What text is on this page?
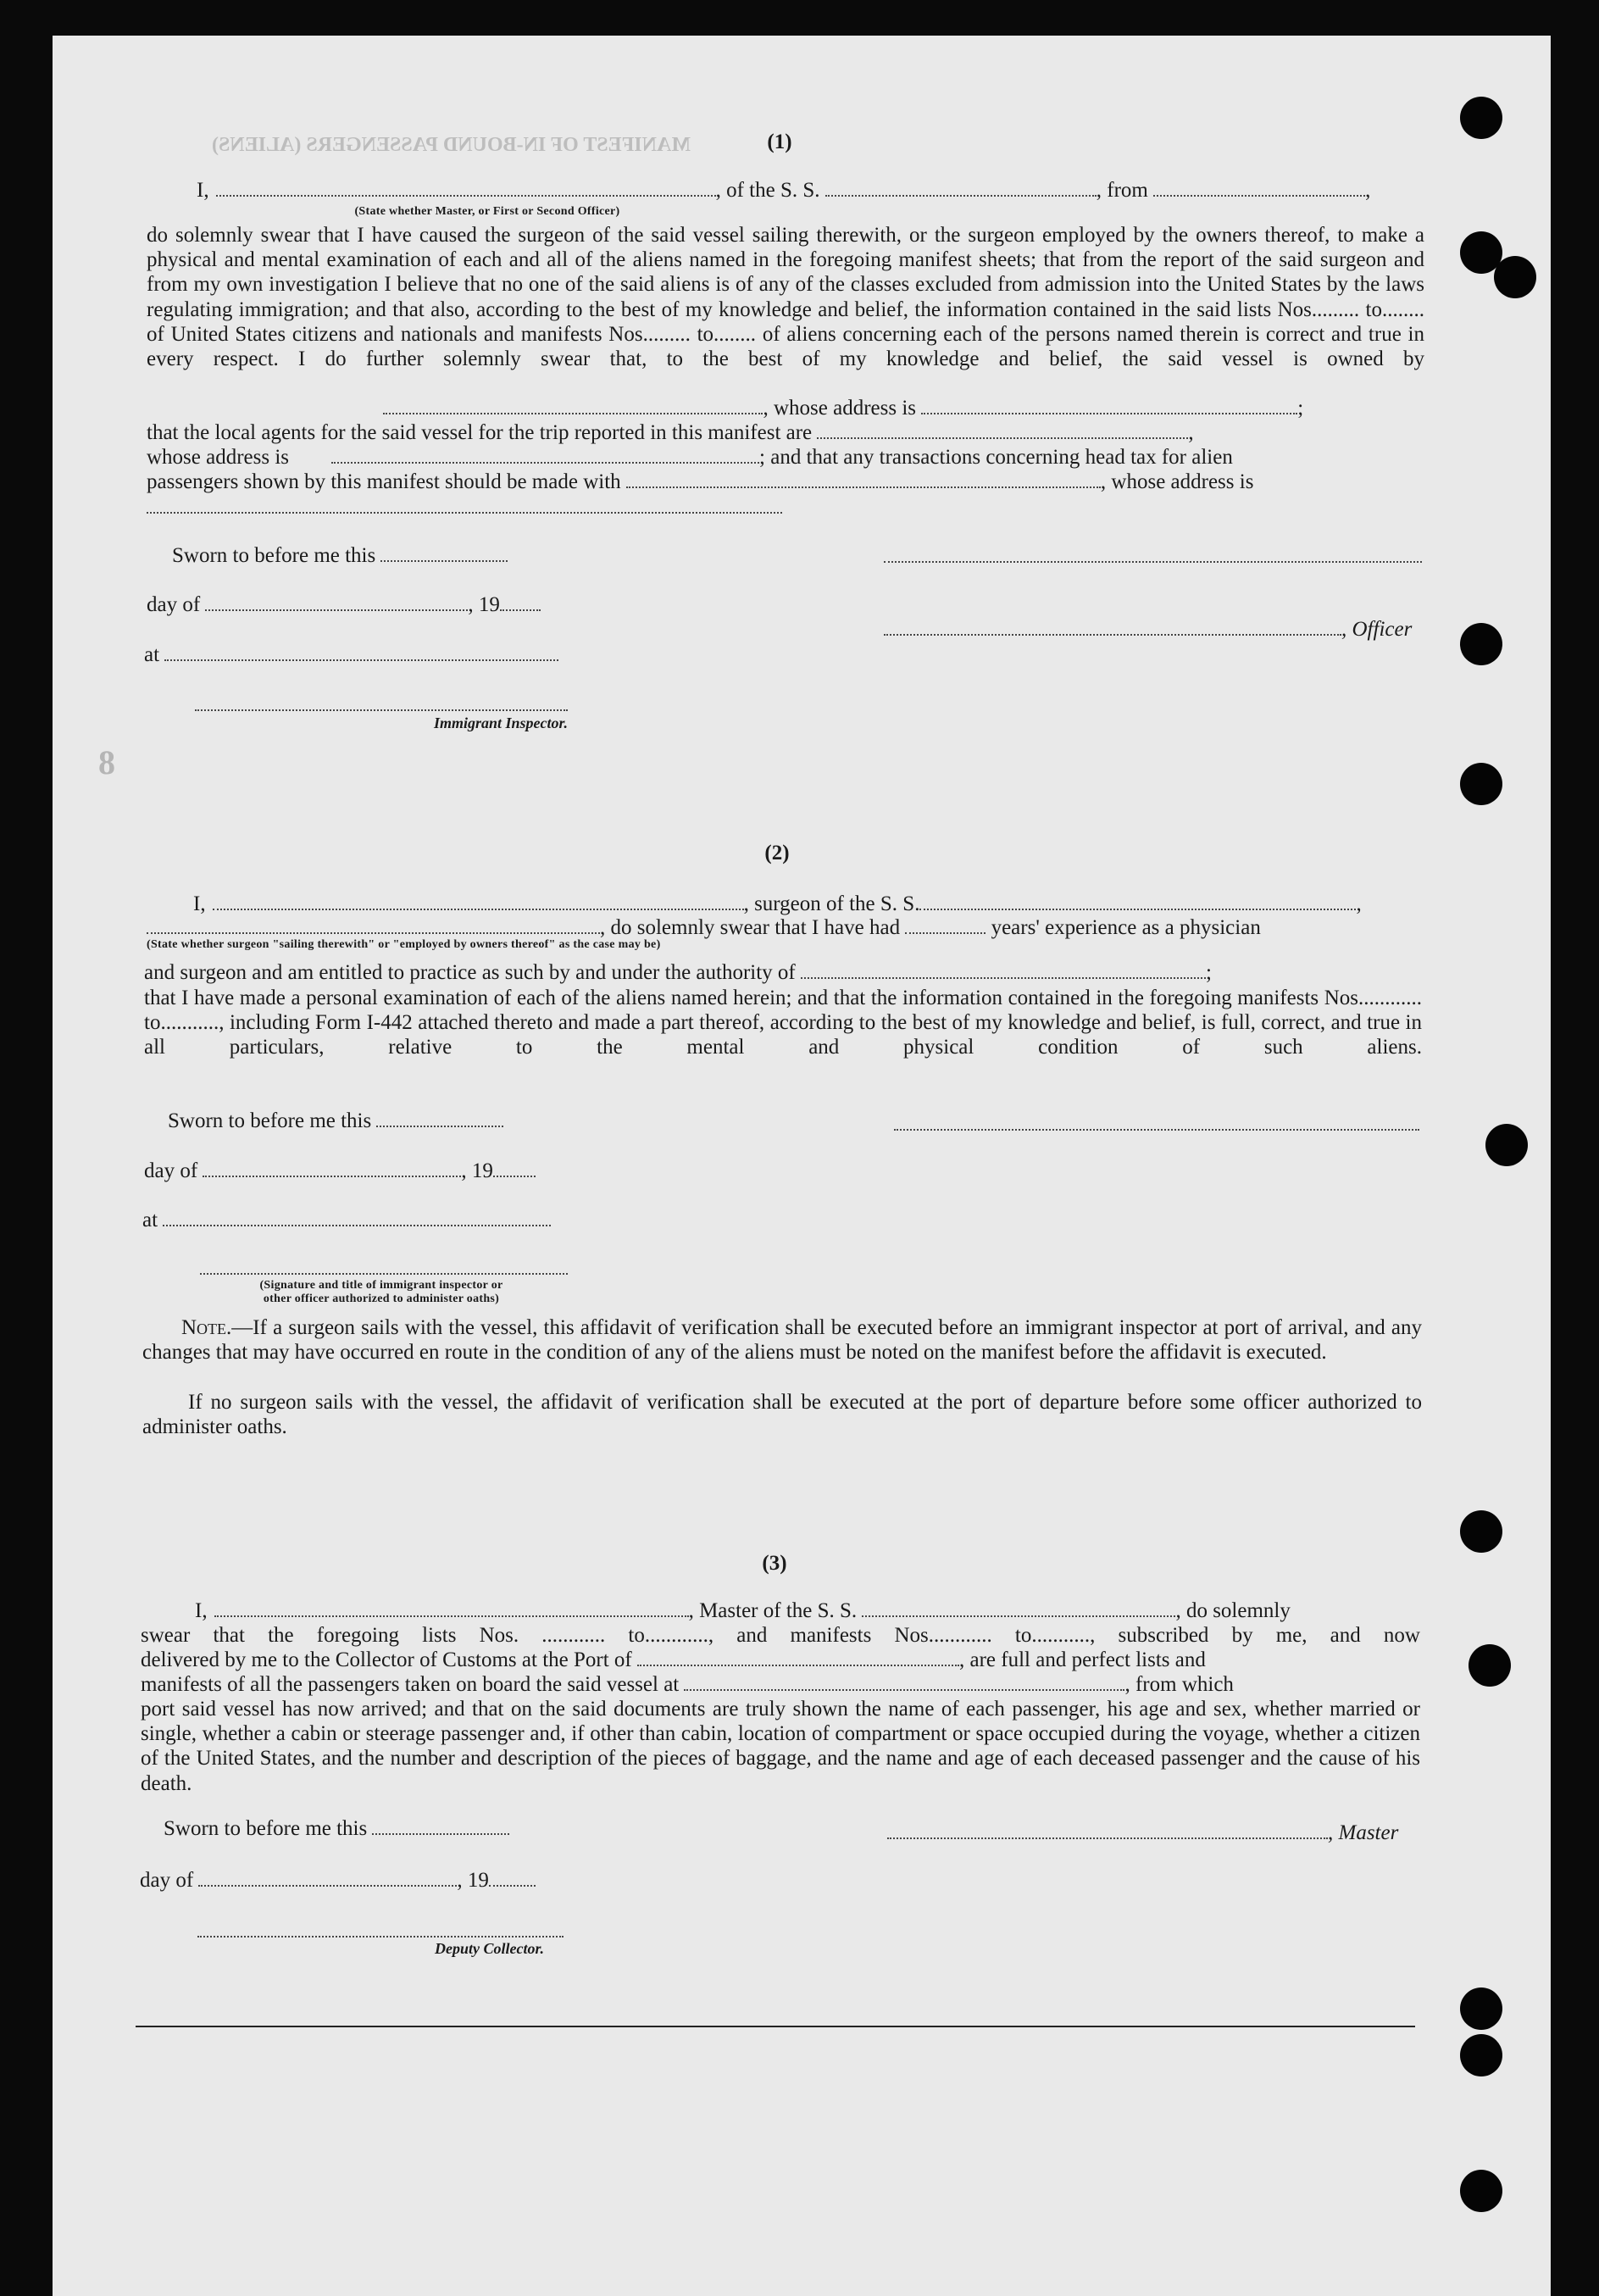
MANIFEST OF IN-BOUND PASSENGERS (ALIENS)
8
(1)
I,	, of the S. S.	, from	,
(State whether Master, or First or Second Officer)
do solemnly swear that I have caused the surgeon of the said vessel sailing therewith, or the surgeon employed by the owners thereof, to make a physical and mental examination of each and all of the aliens named in the foregoing manifest sheets; that from the report of the said surgeon and from my own investigation I believe that no one of the said aliens is of any of the classes excluded from admission into the United States by the laws regulating immigration; and that also, according to the best of my knowledge and belief, the information contained in the said lists Nos......... to........ of United States citizens and nationals and manifests Nos......... to........ of aliens concerning each of the persons named therein is correct and true in every respect. I do further solemnly swear that, to the best of my knowledge and belief, the said vessel is owned by
, whose address is	;
that the local agents for the said vessel for the trip reported in this manifest are	,
whose address is	; and that any transactions concerning head tax for alien
passengers shown by this manifest should be made with	, whose address is
Sworn to before me this
day of	, 19
, Officer
at
Immigrant Inspector.
(2)
I,	, surgeon of the S. S.	,
, do solemnly swear that I have had	years' experience as a physician
(State whether surgeon "sailing therewith" or "employed by owners thereof" as the case may be)
and surgeon and am entitled to practice as such by and under the authority of	;
that I have made a personal examination of each of the aliens named herein; and that the information contained in the foregoing manifests Nos............ to..........., including Form I-442 attached thereto and made a part thereof, according to the best of my knowledge and belief, is full, correct, and true in all particulars, relative to the mental and physical condition of such aliens.
Sworn to before me this
day of	, 19
at
(Signature and title of immigrant inspector or
other officer authorized to administer oaths)
Note.—If a surgeon sails with the vessel, this affidavit of verification shall be executed before an immigrant inspector at port of arrival, and any changes that may have occurred en route in the condition of any of the aliens must be noted on the manifest before the affidavit is executed.
If no surgeon sails with the vessel, the affidavit of verification shall be executed at the port of departure before some officer authorized to administer oaths.
(3)
I,	, Master of the S. S.	, do solemnly
swear that the foregoing lists Nos. ............ to............, and manifests Nos............ to..........., subscribed by me, and now
delivered by me to the Collector of Customs at the Port of	, are full and perfect lists and
manifests of all the passengers taken on board the said vessel at	, from which
port said vessel has now arrived; and that on the said documents are truly shown the name of each passenger, his age and sex, whether married or single, whether a cabin or steerage passenger and, if other than cabin, location of compartment or space occupied during the voyage, whether a citizen of the United States, and the number and description of the pieces of baggage, and the name and age of each deceased passenger and the cause of his death.
Sworn to before me this	, Master
day of	, 19
Deputy Collector.
